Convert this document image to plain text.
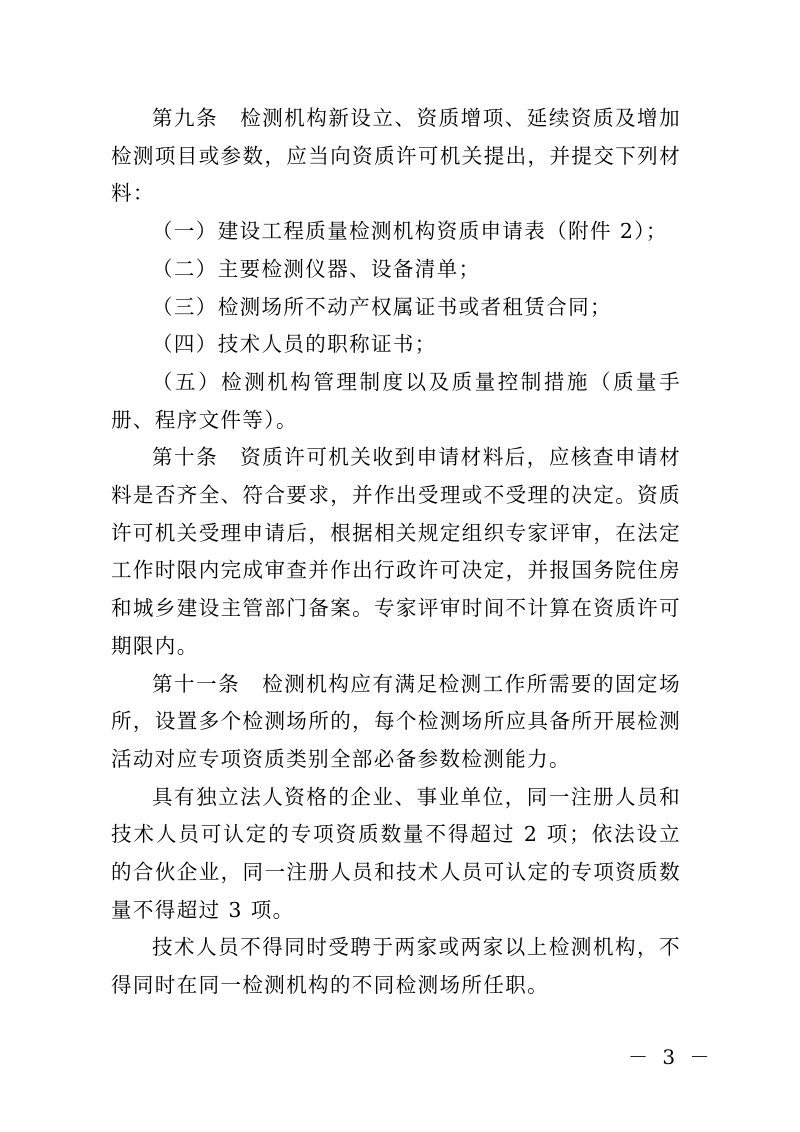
第九条　检测机构新设立、资质增项、延续资质及增加检测项目或参数，应当向资质许可机关提出，并提交下列材料：

（一）建设工程质量检测机构资质申请表（附件 2）；

（二）主要检测仪器、设备清单；

（三）检测场所不动产权属证书或者租赁合同；

（四）技术人员的职称证书；

（五）检测机构管理制度以及质量控制措施（质量手册、程序文件等）。

第十条　资质许可机关收到申请材料后，应核查申请材料是否齐全、符合要求，并作出受理或不受理的决定。资质许可机关受理申请后，根据相关规定组织专家评审，在法定工作时限内完成审查并作出行政许可决定，并报国务院住房和城乡建设主管部门备案。专家评审时间不计算在资质许可期限内。

第十一条　检测机构应有满足检测工作所需要的固定场所，设置多个检测场所的，每个检测场所应具备所开展检测活动对应专项资质类别全部必备参数检测能力。

具有独立法人资格的企业、事业单位，同一注册人员和技术人员可认定的专项资质数量不得超过 2 项；依法设立的合伙企业，同一注册人员和技术人员可认定的专项资质数量不得超过 3 项。

技术人员不得同时受聘于两家或两家以上检测机构，不得同时在同一检测机构的不同检测场所任职。

－ 3 －
